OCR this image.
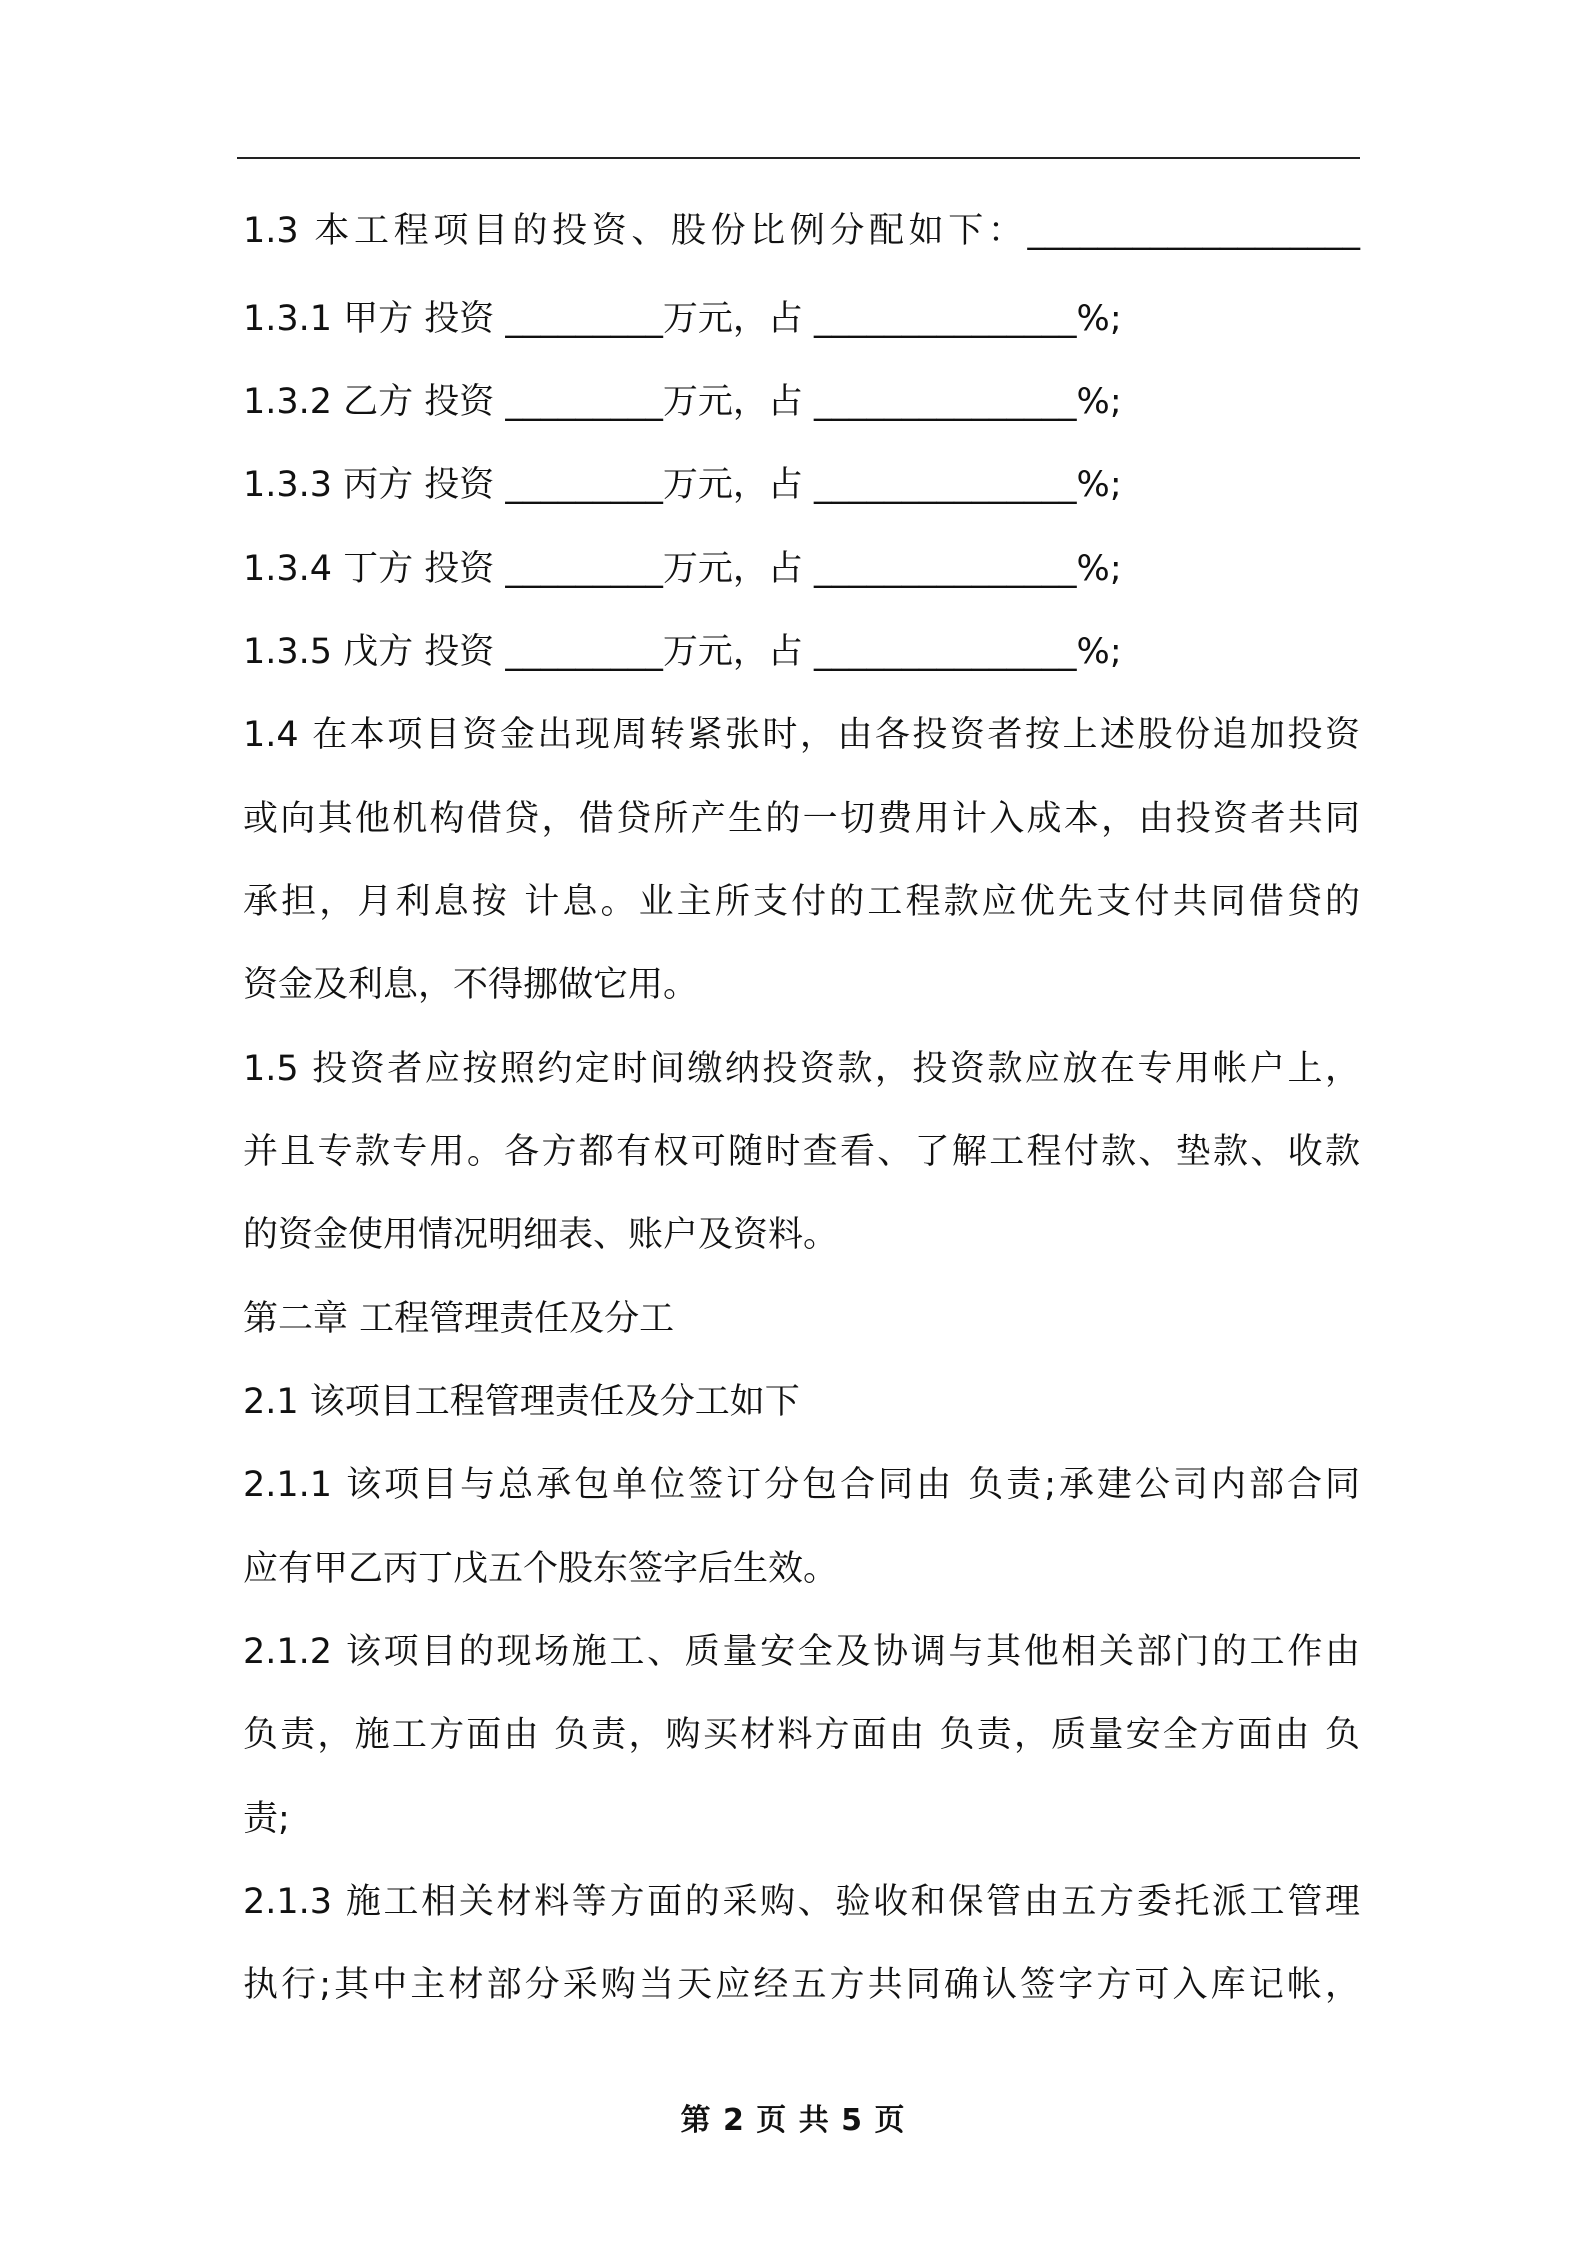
1.3 本工程项目的投资、股份比例分配如下：___________________
1.3.1 甲方 投资 _________万元，占 _______________%;
1.3.2 乙方 投资 _________万元，占 _______________%;
1.3.3 丙方 投资 _________万元，占 _______________%;
1.3.4 丁方 投资 _________万元，占 _______________%;
1.3.5 戊方 投资 _________万元，占 _______________%;
1.4 在本项目资金出现周转紧张时，由各投资者按上述股份追加投资
或向其他机构借贷，借贷所产生的一切费用计入成本，由投资者共同
承担，月利息按 计息。业主所支付的工程款应优先支付共同借贷的
资金及利息，不得挪做它用。
1.5 投资者应按照约定时间缴纳投资款，投资款应放在专用帐户上，
并且专款专用。各方都有权可随时查看、了解工程付款、垫款、收款
的资金使用情况明细表、账户及资料。
第二章 工程管理责任及分工
2.1 该项目工程管理责任及分工如下
2.1.1 该项目与总承包单位签订分包合同由 负责;承建公司内部合同
应有甲乙丙丁戊五个股东签字后生效。
2.1.2 该项目的现场施工、质量安全及协调与其他相关部门的工作由
负责，施工方面由 负责，购买材料方面由 负责，质量安全方面由 负
责;
2.1.3 施工相关材料等方面的采购、验收和保管由五方委托派工管理
执行;其中主材部分采购当天应经五方共同确认签字方可入库记帐，
第 2 页 共 5 页
